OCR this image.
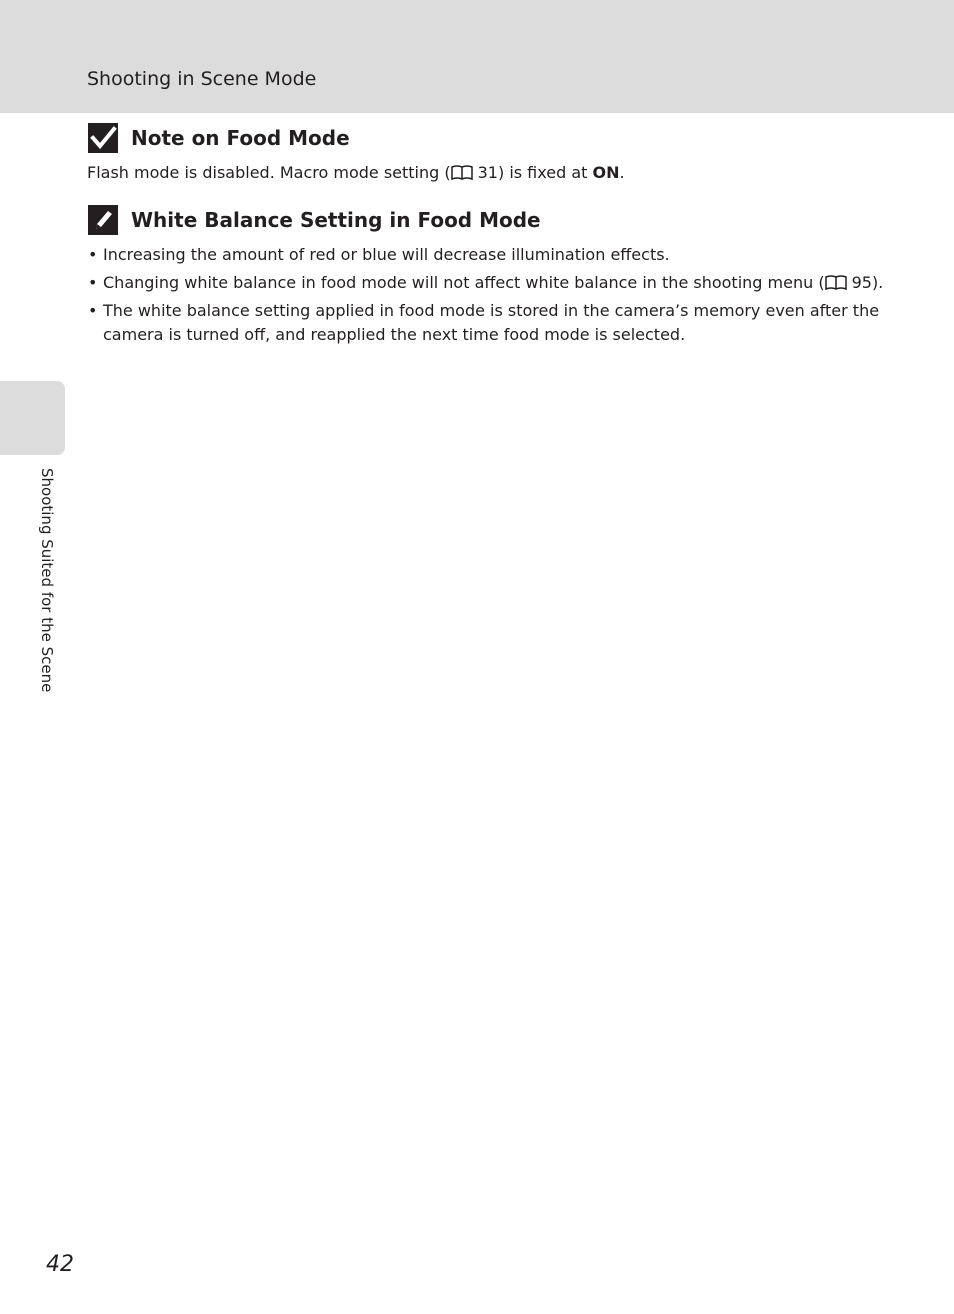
Shooting in Scene Mode
Shooting Suited for the Scene
Note on Food Mode
Flash mode is disabled. Macro mode setting ( 31) is fixed at ON.
White Balance Setting in Food Mode
• Increasing the amount of red or blue will decrease illumination effects.
• Changing white balance in food mode will not affect white balance in the shooting menu ( 95).
• The white balance setting applied in food mode is stored in the camera’s memory even after the camera is turned off, and reapplied the next time food mode is selected.
42
